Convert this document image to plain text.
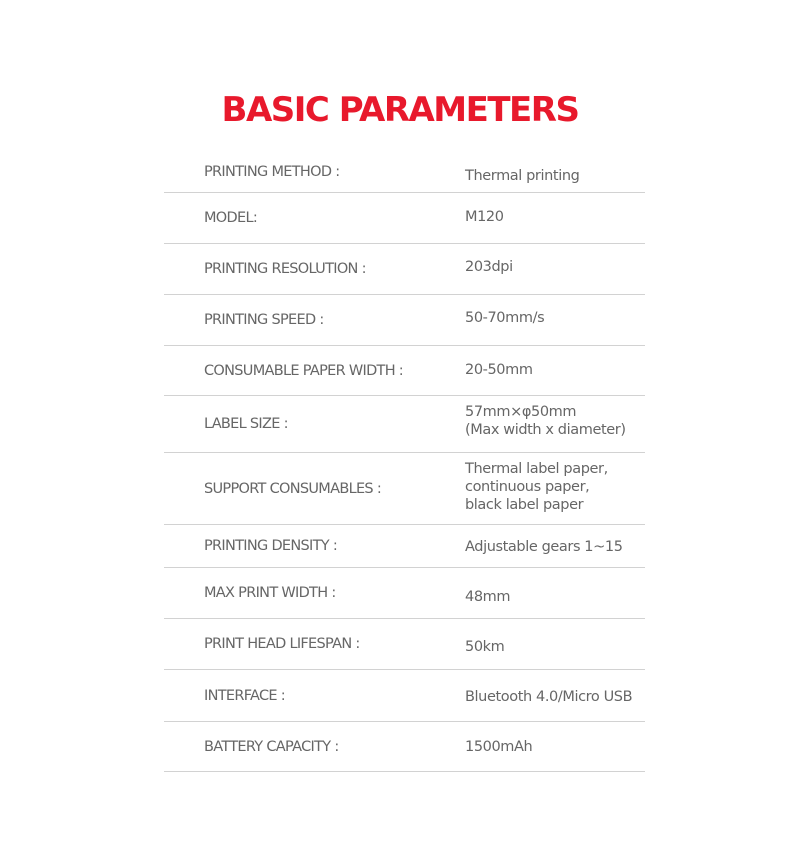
BASIC PARAMETERS
PRINTING METHOD :	Thermal printing
MODEL:	M120
PRINTING RESOLUTION :	203dpi
PRINTING SPEED :	50-70mm/s
CONSUMABLE PAPER WIDTH :	20-50mm
LABEL SIZE :
57mm×φ50mm
(Max width x diameter)
SUPPORT CONSUMABLES :
Thermal label paper,
continuous paper,
black label paper
PRINTING DENSITY :	Adjustable gears 1~15
MAX PRINT WIDTH :	48mm
PRINT HEAD LIFESPAN :	50km
INTERFACE :	Bluetooth 4.0/Micro USB
BATTERY CAPACITY :	1500mAh
